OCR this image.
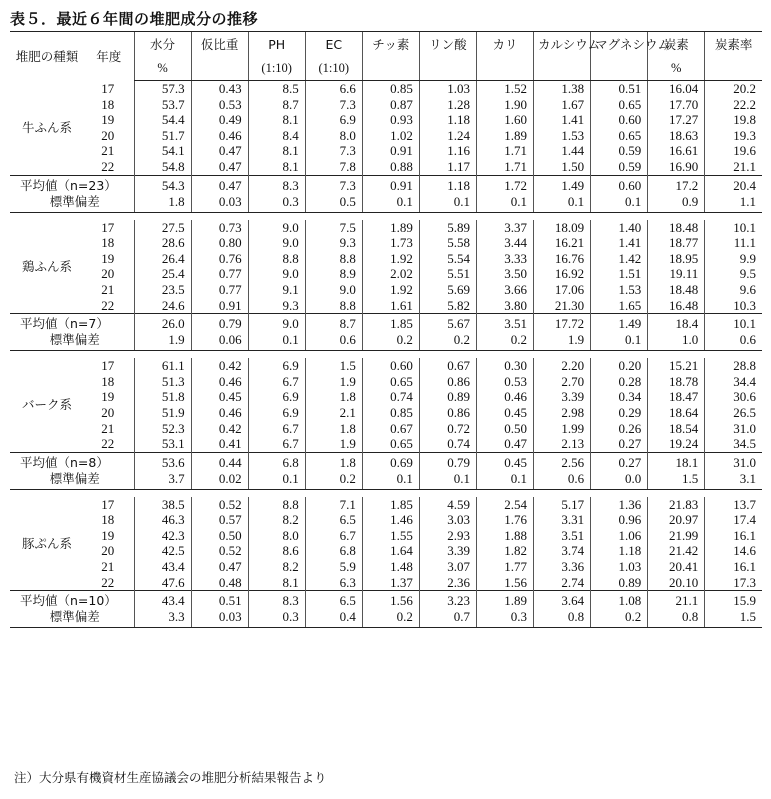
表５．最近６年間の堆肥成分の推移
堆肥の種類	年度	水分	仮比重	PH	EC	チッ素	リン酸	カリ	カルシウム	マグネシウム	炭素	炭素率
		%		(1:10)	(1:10)						%	
牛ふん系	17	57.3	0.43	8.5	6.6	0.85	1.03	1.52	1.38	0.51	16.04	20.2
	18	53.7	0.53	8.7	7.3	0.87	1.28	1.90	1.67	0.65	17.70	22.2
	19	54.4	0.49	8.1	6.9	0.93	1.18	1.60	1.41	0.60	17.27	19.8
	20	51.7	0.46	8.4	8.0	1.02	1.24	1.89	1.53	0.65	18.63	19.3
	21	54.1	0.47	8.1	7.3	0.91	1.16	1.71	1.44	0.59	16.61	19.6
	22	54.8	0.47	8.1	7.8	0.88	1.17	1.71	1.50	0.59	16.90	21.1
平均値（n=23）		54.3	0.47	8.3	7.3	0.91	1.18	1.72	1.49	0.60	17.2	20.4
標準偏差		1.8	0.03	0.3	0.5	0.1	0.1	0.1	0.1	0.1	0.9	1.1

鶏ふん系	17	27.5	0.73	9.0	7.5	1.89	5.89	3.37	18.09	1.40	18.48	10.1
	18	28.6	0.80	9.0	9.3	1.73	5.58	3.44	16.21	1.41	18.77	11.1
	19	26.4	0.76	8.8	8.8	1.92	5.54	3.33	16.76	1.42	18.95	9.9
	20	25.4	0.77	9.0	8.9	2.02	5.51	3.50	16.92	1.51	19.11	9.5
	21	23.5	0.77	9.1	9.0	1.92	5.69	3.66	17.06	1.53	18.48	9.6
	22	24.6	0.91	9.3	8.8	1.61	5.82	3.80	21.30	1.65	16.48	10.3
平均値（n=7）		26.0	0.79	9.0	8.7	1.85	5.67	3.51	17.72	1.49	18.4	10.1
標準偏差		1.9	0.06	0.1	0.6	0.2	0.2	0.2	1.9	0.1	1.0	0.6

バーク系	17	61.1	0.42	6.9	1.5	0.60	0.67	0.30	2.20	0.20	15.21	28.8
	18	51.3	0.46	6.7	1.9	0.65	0.86	0.53	2.70	0.28	18.78	34.4
	19	51.8	0.45	6.9	1.8	0.74	0.89	0.46	3.39	0.34	18.47	30.6
	20	51.9	0.46	6.9	2.1	0.85	0.86	0.45	2.98	0.29	18.64	26.5
	21	52.3	0.42	6.7	1.8	0.67	0.72	0.50	1.99	0.26	18.54	31.0
	22	53.1	0.41	6.7	1.9	0.65	0.74	0.47	2.13	0.27	19.24	34.5
平均値（n=8）		53.6	0.44	6.8	1.8	0.69	0.79	0.45	2.56	0.27	18.1	31.0
標準偏差		3.7	0.02	0.1	0.2	0.1	0.1	0.1	0.6	0.0	1.5	3.1

豚ぷん系	17	38.5	0.52	8.8	7.1	1.85	4.59	2.54	5.17	1.36	21.83	13.7
	18	46.3	0.57	8.2	6.5	1.46	3.03	1.76	3.31	0.96	20.97	17.4
	19	42.3	0.50	8.0	6.7	1.55	2.93	1.88	3.51	1.06	21.99	16.1
	20	42.5	0.52	8.6	6.8	1.64	3.39	1.82	3.74	1.18	21.42	14.6
	21	43.4	0.47	8.2	5.9	1.48	3.07	1.77	3.36	1.03	20.41	16.1
	22	47.6	0.48	8.1	6.3	1.37	2.36	1.56	2.74	0.89	20.10	17.3
平均値（n=10）		43.4	0.51	8.3	6.5	1.56	3.23	1.89	3.64	1.08	21.1	15.9
標準偏差		3.3	0.03	0.3	0.4	0.2	0.7	0.3	0.8	0.2	0.8	1.5
注）大分県有機資材生産協議会の堆肥分析結果報告より
